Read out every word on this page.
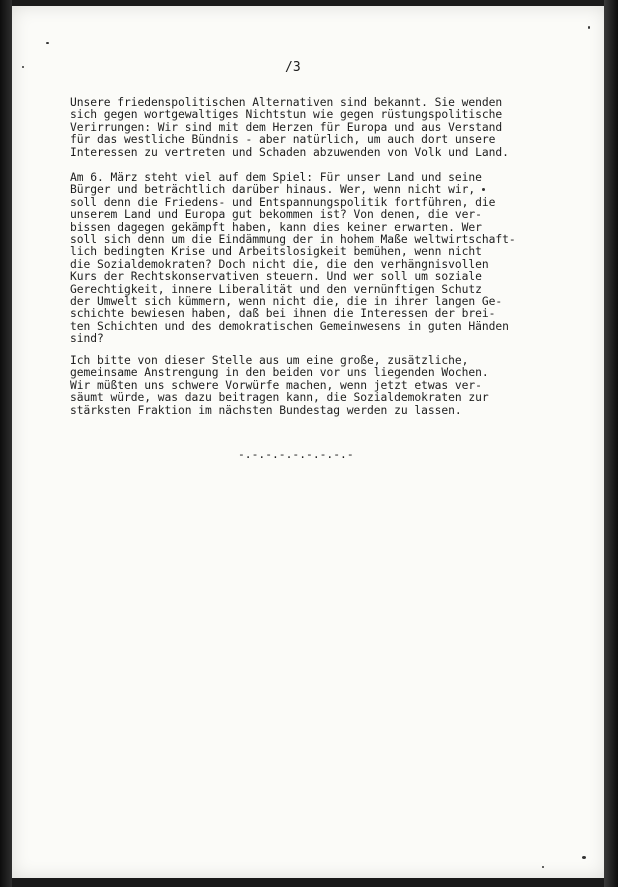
/3
Unsere friedenspolitischen Alternativen sind bekannt. Sie wenden
sich gegen wortgewaltiges Nichtstun wie gegen rüstungspolitische
Verirrungen: Wir sind mit dem Herzen für Europa und aus Verstand
für das westliche Bündnis - aber natürlich, um auch dort unsere
Interessen zu vertreten und Schaden abzuwenden von Volk und Land.
Am 6. März steht viel auf dem Spiel: Für unser Land und seine
Bürger und beträchtlich darüber hinaus. Wer, wenn nicht wir,
soll denn die Friedens- und Entspannungspolitik fortführen, die
unserem Land und Europa gut bekommen ist? Von denen, die ver-
bissen dagegen gekämpft haben, kann dies keiner erwarten. Wer
soll sich denn um die Eindämmung der in hohem Maße weltwirtschaft-
lich bedingten Krise und Arbeitslosigkeit bemühen, wenn nicht
die Sozialdemokraten? Doch nicht die, die den verhängnisvollen
Kurs der Rechtskonservativen steuern. Und wer soll um soziale
Gerechtigkeit, innere Liberalität und den vernünftigen Schutz
der Umwelt sich kümmern, wenn nicht die, die in ihrer langen Ge-
schichte bewiesen haben, daß bei ihnen die Interessen der brei-
ten Schichten und des demokratischen Gemeinwesens in guten Händen
sind?
Ich bitte von dieser Stelle aus um eine große, zusätzliche,
gemeinsame Anstrengung in den beiden vor uns liegenden Wochen.
Wir müßten uns schwere Vorwürfe machen, wenn jetzt etwas ver-
säumt würde, was dazu beitragen kann, die Sozialdemokraten zur
stärksten Fraktion im nächsten Bundestag werden zu lassen.
-.-.-.-.-.-.-.-.-
